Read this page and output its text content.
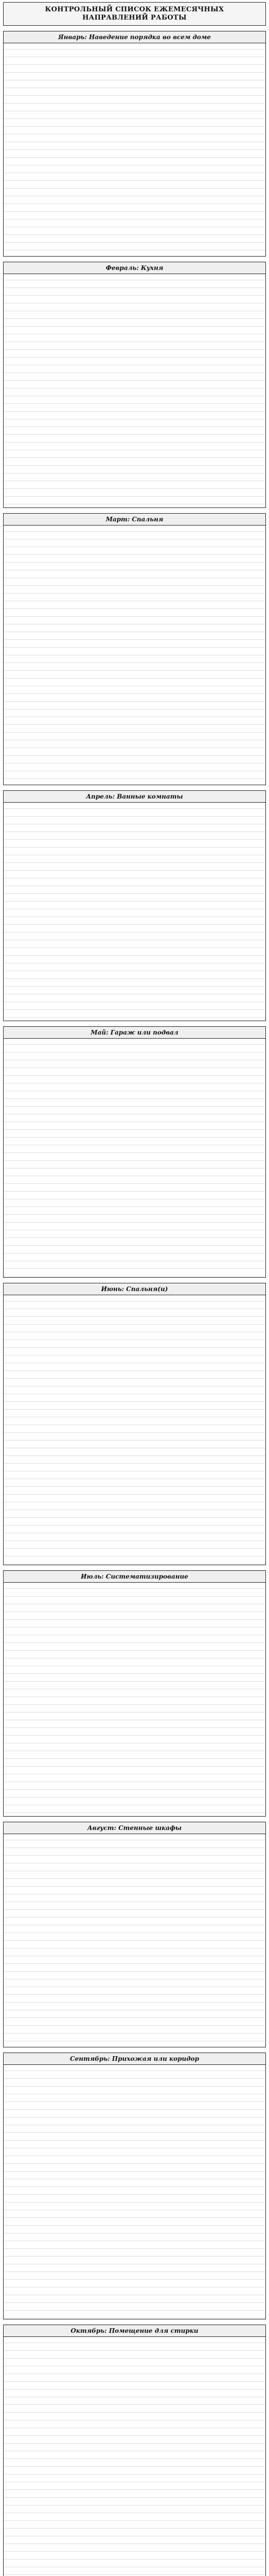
КОНТРОЛЬНЫЙ СПИСОК ЕЖЕМЕСЯЧНЫХ
НАПРАВЛЕНИЙ РАБОТЫ
Январь: Наведение порядка во всем доме
Февраль: Кухня
Март: Спальня
Апрель: Ванные комнаты
Май: Гараж или подвал
Июнь: Спальня(и)
Июль: Систематизирование
Август: Стенные шкафы
Сентябрь: Прихожая или коридор
Октябрь: Помещение для стирки
